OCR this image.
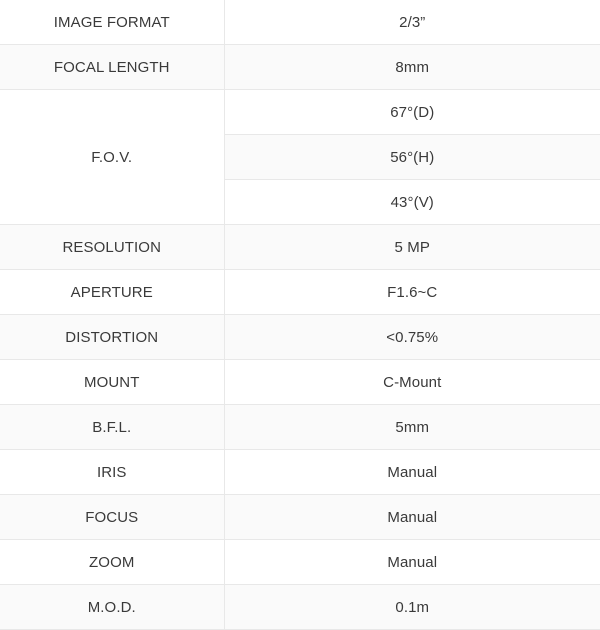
IMAGE FORMAT	2/3”
FOCAL LENGTH	8mm
F.O.V.	67°(D)
	56°(H)
	43°(V)
RESOLUTION	5 MP
APERTURE	F1.6~C
DISTORTION	<0.75%
MOUNT	C-Mount
B.F.L.	5mm
IRIS	Manual
FOCUS	Manual
ZOOM	Manual
M.O.D.	0.1m
